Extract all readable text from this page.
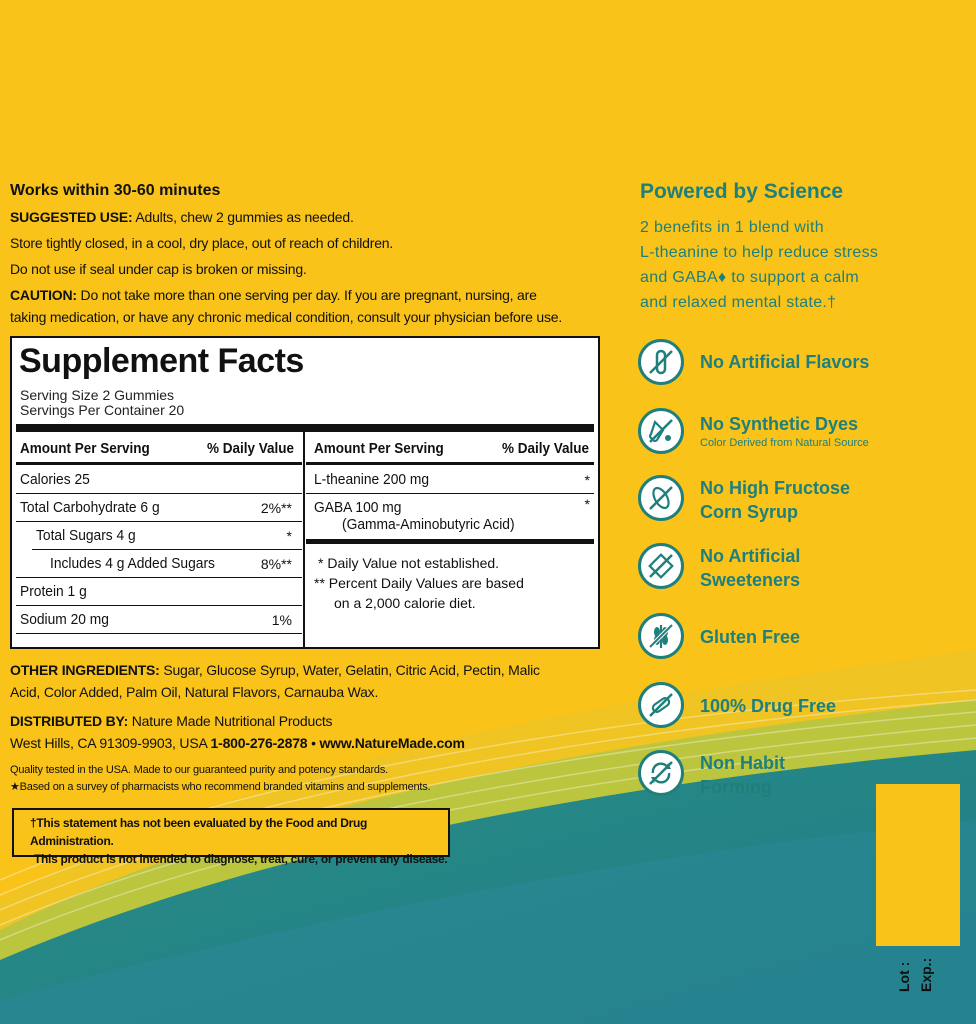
Works within 30-60 minutes
SUGGESTED USE: Adults, chew 2 gummies as needed.
Store tightly closed, in a cool, dry place, out of reach of children.
Do not use if seal under cap is broken or missing.
CAUTION: Do not take more than one serving per day. If you are pregnant, nursing, are
taking medication, or have any chronic medical condition, consult your physician before use.
Supplement Facts
Serving Size 2 Gummies
Servings Per Container 20
Amount Per Serving	% Daily Value Amount Per Serving	% Daily Value
Calories 25
Total Carbohydrate 6 g	2%**
Total Sugars 4 g	*
Includes 4 g Added Sugars	8%**
Protein 1 g
Sodium 20 mg	1%
L-theanine 200 mg	*
GABA 100 mg	*
(Gamma-Aminobutyric Acid)
* Daily Value not established.
** Percent Daily Values are based
on a 2,000 calorie diet.
OTHER INGREDIENTS: Sugar, Glucose Syrup, Water, Gelatin, Citric Acid, Pectin, Malic
Acid, Color Added, Palm Oil, Natural Flavors, Carnauba Wax.
DISTRIBUTED BY: Nature Made Nutritional Products
West Hills, CA 91309-9903, USA 1-800-276-2878 • www.NatureMade.com
Quality tested in the USA. Made to our guaranteed purity and potency standards.
★Based on a survey of pharmacists who recommend branded vitamins and supplements.
†This statement has not been evaluated by the Food and Drug Administration.
This product is not intended to diagnose, treat, cure, or prevent any disease.
Powered by Science
2 benefits in 1 blend with
L-theanine to help reduce stress
and GABA♦ to support a calm
and relaxed mental state.†
No Artificial Flavors
No Synthetic Dyes
Color Derived from Natural Source
No High Fructose
Corn Syrup
No Artificial
Sweeteners
Gluten Free
100% Drug Free
Non Habit
Forming
Lot : Exp.:
